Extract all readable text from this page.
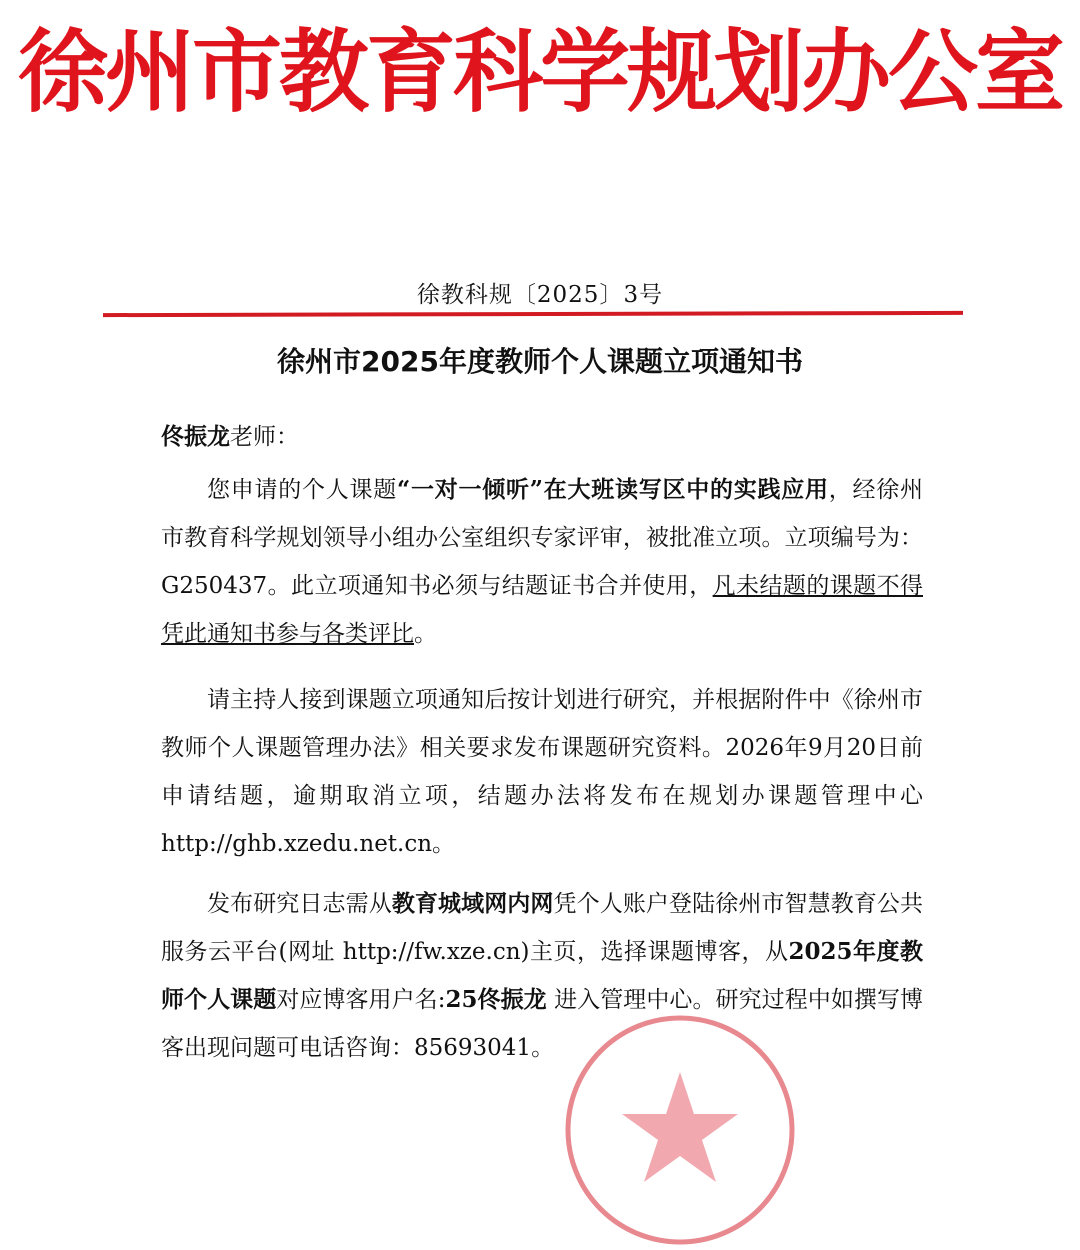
徐州市教育科学规划办公室
徐教科规〔2025〕3号
徐州市2025年度教师个人课题立项通知书
佟振龙老师：

您申请的个人课题“一对一倾听”在大班读写区中的实践应用，经徐州市教育科学规划领导小组办公室组织专家评审，被批准立项。立项编号为：G250437。此立项通知书必须与结题证书合并使用，凡未结题的课题不得凭此通知书参与各类评比。

请主持人接到课题立项通知后按计划进行研究，并根据附件中《徐州市教师个人课题管理办法》相关要求发布课题研究资料。2026年9月20日前申请结题，逾期取消立项，结题办法将发布在规划办课题管理中心http://ghb.xzedu.net.cn。

发布研究日志需从教育城域网内网凭个人账户登陆徐州市智慧教育公共服务云平台(网址 http://fw.xze.cn)主页，选择课题博客，从2025年度教师个人课题对应博客用户名:25佟振龙 进入管理中心。研究过程中如撰写博客出现问题可电话咨询：85693041。
